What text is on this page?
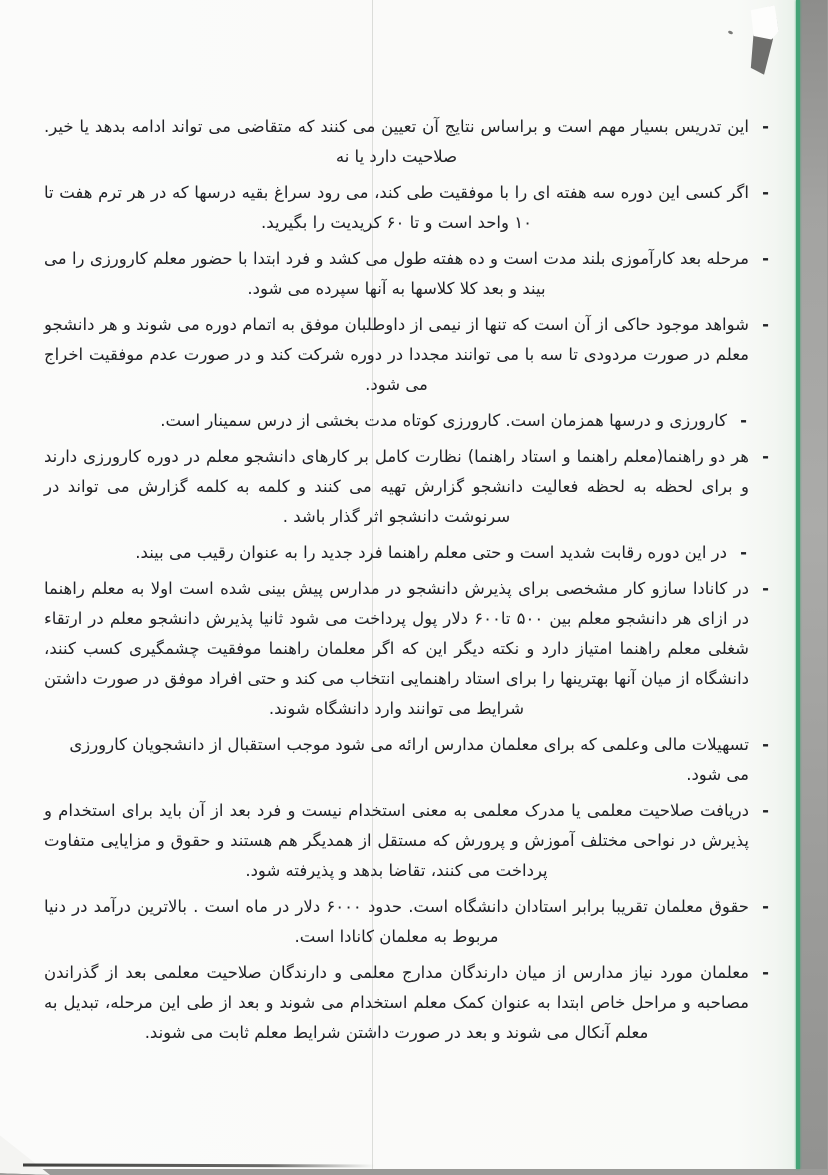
-
این تدریس بسیار مهم است و براساس نتایج آن تعیین می کنند که متقاضی می تواند ادامه بدهد یا خیر. صلاحیت دارد یا نه
-
اگر کسی این دوره سه هفته ای را با موفقیت طی کند، می رود سراغ بقیه درسها که در هر ترم هفت تا ۱۰ واحد است و تا ۶۰ کریدیت را بگیرید.
-
مرحله بعد کارآموزی بلند مدت است و ده هفته طول می کشد و فرد ابتدا با حضور معلم کارورزی را می بیند و بعد کلا کلاسها به آنها سپرده می شود.
-
شواهد موجود حاکی از آن است که تنها از نیمی از داوطلبان موفق به اتمام دوره می شوند و هر دانشجو معلم در صورت مردودی تا سه با می توانند مجددا در دوره شرکت کند و در صورت عدم موفقیت اخراج می شود.
-
کارورزی و درسها همزمان است. کارورزی کوتاه مدت بخشی از درس سمینار است.
-
هر دو راهنما(معلم راهنما و استاد راهنما) نظارت کامل بر کارهای دانشجو معلم در دوره کارورزی دارند و برای لحظه به لحظه فعالیت دانشجو گزارش تهیه می کنند و کلمه به کلمه گزارش می تواند در سرنوشت دانشجو اثر گذار باشد .
-
در این دوره رقابت شدید است و حتی معلم راهنما فرد جدید را به عنوان رقیب می بیند.
-
در کانادا سازو کار مشخصی برای پذیرش دانشجو در مدارس پیش بینی شده است اولا به معلم راهنما در ازای هر دانشجو معلم بین ۵۰۰ تا۶۰۰ دلار پول پرداخت می شود ثانیا پذیرش دانشجو معلم در ارتقاء شغلی معلم راهنما امتیاز دارد و نکته دیگر این که اگر معلمان راهنما موفقیت چشمگیری کسب کنند، دانشگاه از میان آنها بهترینها را برای استاد راهنمایی انتخاب می کند و حتی افراد موفق در صورت داشتن شرایط می توانند وارد دانشگاه شوند.
-
تسهیلات مالی وعلمی که برای معلمان مدارس ارائه می شود موجب استقبال از دانشجویان کارورزی می شود.
-
دریافت صلاحیت معلمی یا مدرک معلمی به معنی استخدام نیست و فرد بعد از آن باید برای استخدام و پذیرش در نواحی مختلف آموزش و پرورش که مستقل از همدیگر هم هستند و حقوق و مزایایی متفاوت پرداخت می کنند، تقاضا بدهد و پذیرفته شود.
-
حقوق معلمان تقریبا برابر استادان دانشگاه است. حدود ۶۰۰۰ دلار در ماه است . بالاترین درآمد در دنیا مربوط به معلمان کانادا است.
-
معلمان مورد نیاز مدارس از میان دارندگان مدارج معلمی و دارندگان صلاحیت معلمی بعد از گذراندن مصاحبه و مراحل خاص ابتدا به عنوان کمک معلم استخدام می شوند و بعد از طی این مرحله، تبدیل به معلم آنکال می شوند و بعد در صورت داشتن شرایط معلم ثابت می شوند.
